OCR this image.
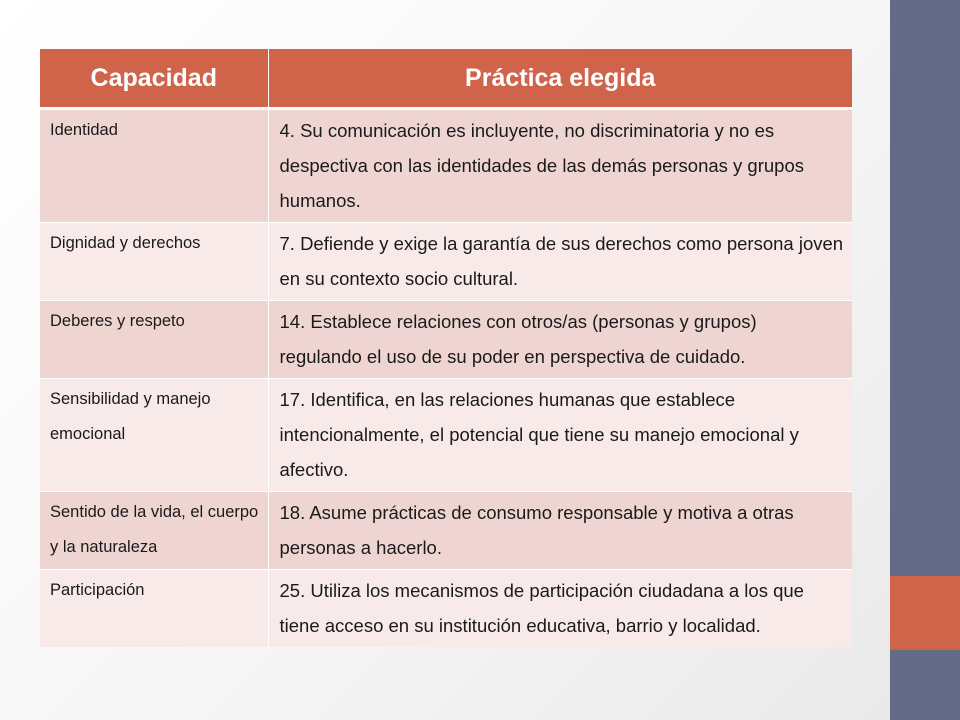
Capacidad	Práctica elegida
Identidad	4. Su comunicación es incluyente, no discriminatoria y no es despectiva con las identidades de las demás personas y grupos humanos.
Dignidad y derechos	7. Defiende y exige la garantía de sus derechos como persona joven en su contexto socio cultural.
Deberes y respeto	14. Establece relaciones con otros/as (personas y grupos) regulando el uso de su poder en perspectiva de cuidado.
Sensibilidad y manejo emocional	17. Identifica, en las relaciones humanas que establece intencionalmente, el potencial que tiene su manejo emocional y afectivo.
Sentido de la vida, el cuerpo y la naturaleza	18. Asume prácticas de consumo responsable y motiva a otras personas a hacerlo.
Participación	25. Utiliza los mecanismos de participación ciudadana a los que tiene acceso en su institución educativa, barrio y localidad.
